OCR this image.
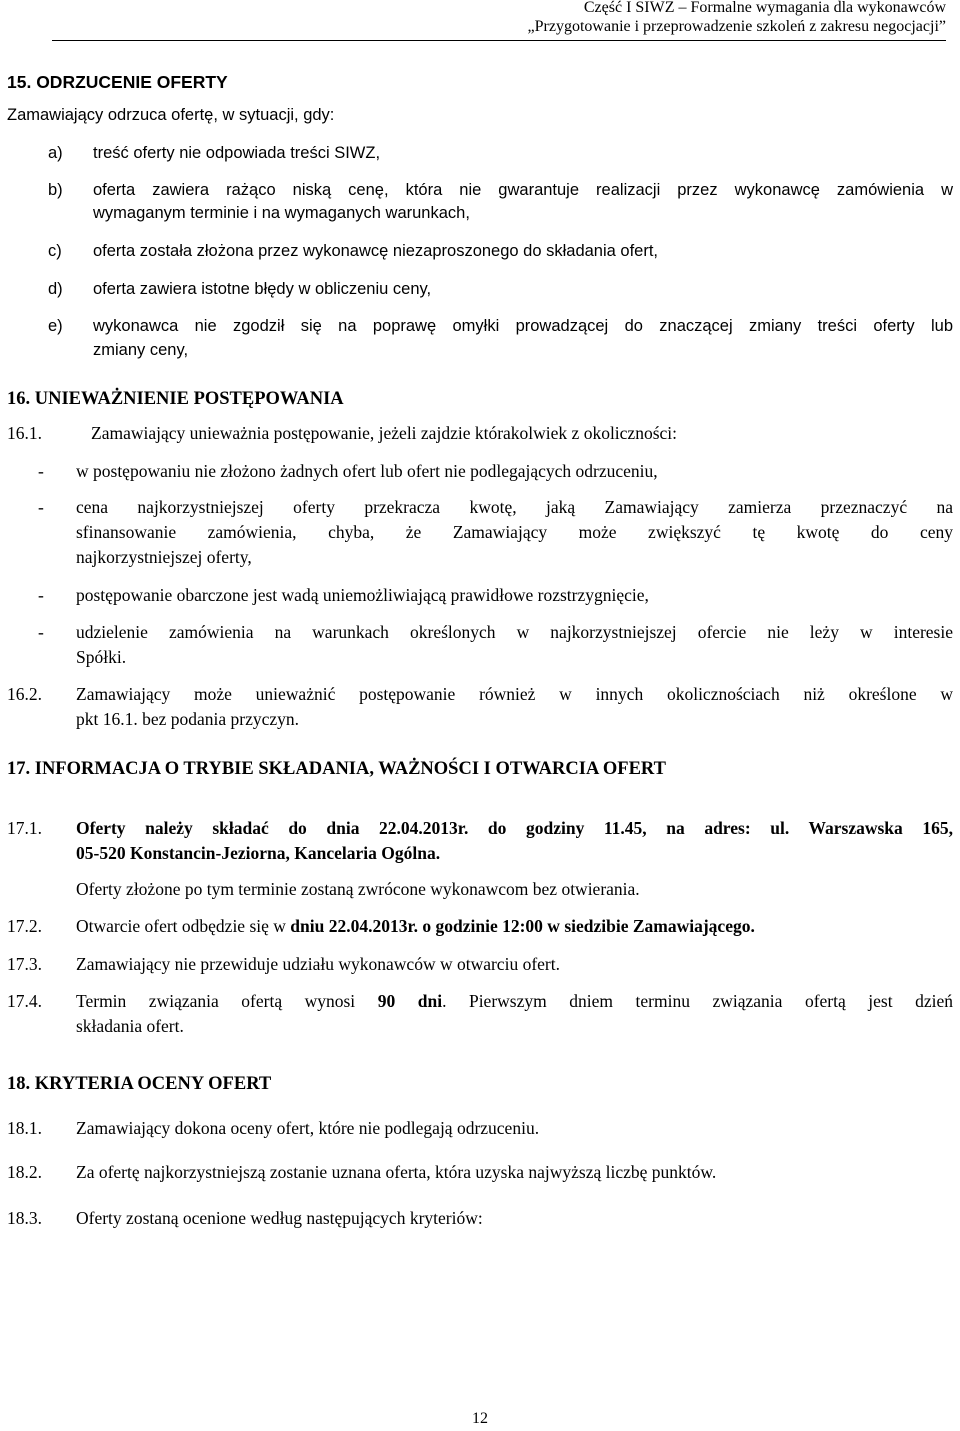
Część I SIWZ – Formalne wymagania dla wykonawców
„Przygotowanie i przeprowadzenie szkoleń z zakresu negocjacji”
15. ODRZUCENIE OFERTY
Zamawiający odrzuca ofertę, w sytuacji, gdy:
a) treść oferty nie odpowiada treści SIWZ,
b) oferta zawiera rażąco niską cenę, która nie gwarantuje realizacji przez wykonawcę zamówienia w
wymaganym terminie i na wymaganych warunkach,
c) oferta została złożona przez wykonawcę niezaproszonego do składania ofert,
d) oferta zawiera istotne błędy w obliczeniu ceny,
e) wykonawca nie zgodził się na poprawę omyłki prowadzącej do znaczącej zmiany treści oferty lub
zmiany ceny,
16. UNIEWAŻNIENIE POSTĘPOWANIA
16.1.	Zamawiający unieważnia postępowanie, jeżeli zajdzie którakolwiek z okoliczności:
- w postępowaniu nie złożono żadnych ofert lub ofert nie podlegających odrzuceniu,
- cena najkorzystniejszej oferty przekracza kwotę, jaką Zamawiający zamierza przeznaczyć na
sfinansowanie zamówienia, chyba, że Zamawiający może zwiększyć tę kwotę do ceny
najkorzystniejszej oferty,
- postępowanie obarczone jest wadą uniemożliwiającą prawidłowe rozstrzygnięcie,
- udzielenie zamówienia na warunkach określonych w najkorzystniejszej ofercie nie leży w interesie
Spółki.
16.2. Zamawiający może unieważnić postępowanie również w innych okolicznościach niż określone w
pkt 16.1. bez podania przyczyn.
17. INFORMACJA O TRYBIE SKŁADANIA, WAŻNOŚCI I OTWARCIA OFERT
17.1. Oferty należy składać do dnia 22.04.2013r. do godziny 11.45, na adres: ul. Warszawska 165,
05-520 Konstancin-Jeziorna, Kancelaria Ogólna.
Oferty złożone po tym terminie zostaną zwrócone wykonawcom bez otwierania.
17.2. Otwarcie ofert odbędzie się w dniu 22.04.2013r. o godzinie 12:00 w siedzibie Zamawiającego.
17.3. Zamawiający nie przewiduje udziału wykonawców w otwarciu ofert.
17.4. Termin związania ofertą wynosi 90 dni. Pierwszym dniem terminu związania ofertą jest dzień
składania ofert.
18. KRYTERIA OCENY OFERT
18.1. Zamawiający dokona oceny ofert, które nie podlegają odrzuceniu.
18.2. Za ofertę najkorzystniejszą zostanie uznana oferta, która uzyska najwyższą liczbę punktów.
18.3. Oferty zostaną ocenione według następujących kryteriów:
12
